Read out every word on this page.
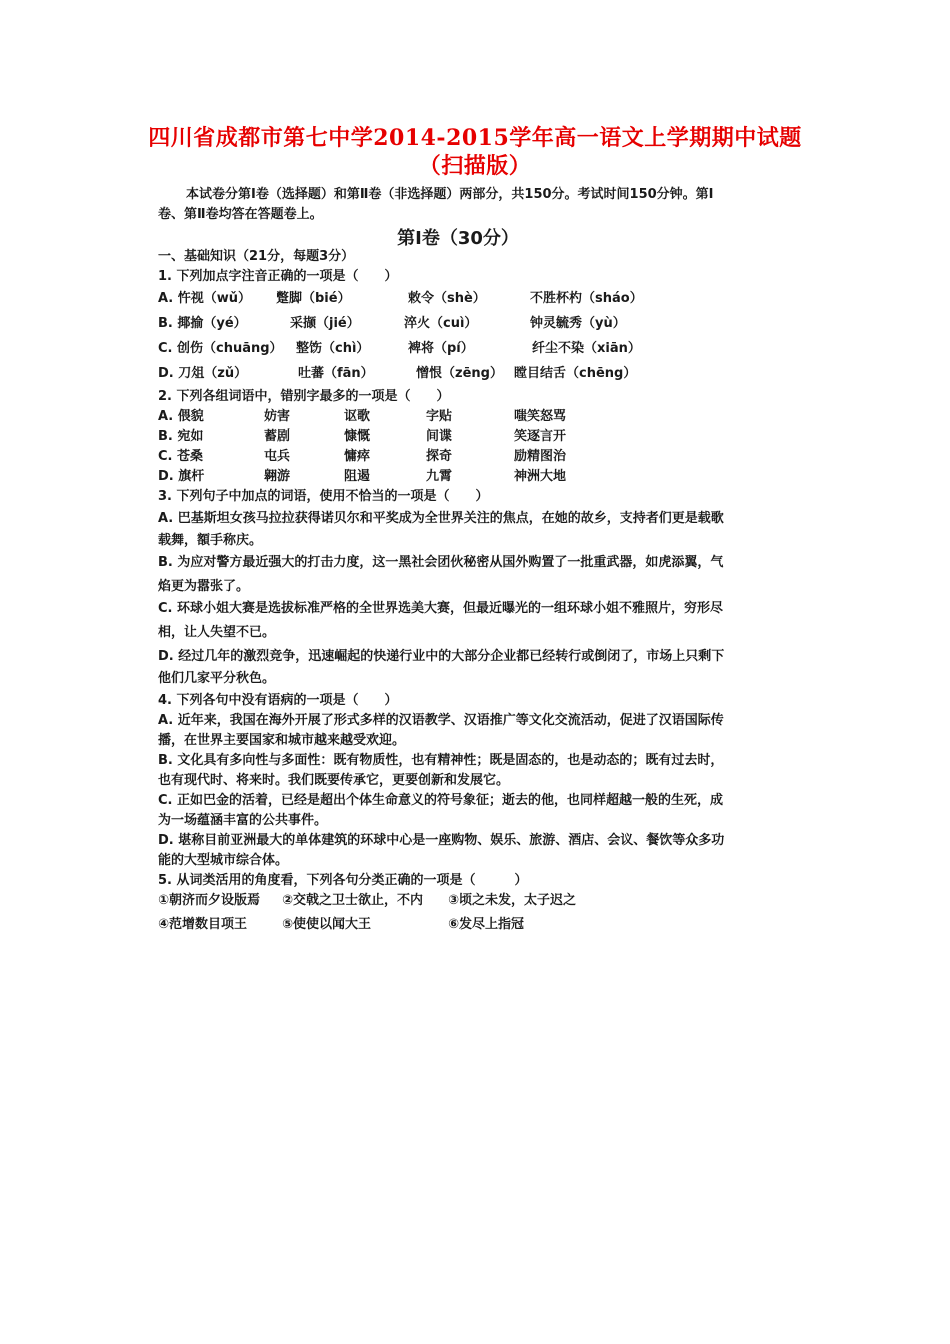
四川省成都市第七中学2014-2015学年高一语文上学期期中试题（扫描版）
本试卷分第Ⅰ卷（选择题）和第Ⅱ卷（非选择题）两部分，共150分。考试时间150分钟。第Ⅰ
卷、第Ⅱ卷均答在答题卷上。
第Ⅰ卷（30分）
一、基础知识（21分，每题3分）
1. 下列加点字注音正确的一项是（　　）
A. 忤视（wǔ） 蹩脚（bié）	敕令（shè）	不胜杯杓（sháo）
B. 揶揄（yé）	采撷（jié）	淬火（cuì）	钟灵毓秀（yù）
C. 创伤（chuāng） 整饬（chì）	裨将（pí）	纤尘不染（xiān）
D. 刀俎（zǔ）	吐蕃（fān）	憎恨（zēng） 瞠目结舌（chēng）
2. 下列各组词语中，错别字最多的一项是（　　）
A. 偎貌	妨害	讴歌	字贴	嗤笑怒骂
B. 宛如	蓄剧	慷慨	间谍	笑逐言开
C. 苍桑	屯兵	慵瘁	探奇	励精图治
D. 旗杆	翱游	阻遏	九霄	神洲大地
3. 下列句子中加点的词语，使用不恰当的一项是（　　）
A. 巴基斯坦女孩马拉拉获得诺贝尔和平奖成为全世界关注的焦点，在她的故乡，支持者们更是载歌
载舞，額手称庆。
B. 为应对警方最近强大的打击力度，这一黑社会团伙秘密从国外购置了一批重武器，如虎添翼，气
焰更为嚣张了。
C. 环球小姐大赛是选拔标准严格的全世界选美大赛，但最近曝光的一组环球小姐不雅照片，穷形尽
相，让人失望不已。
D. 经过几年的激烈竞争，迅速崛起的快递行业中的大部分企业都已经转行或倒闭了，市场上只剩下
他们几家平分秋色。
4. 下列各句中没有语病的一项是（　　）
A. 近年来，我国在海外开展了形式多样的汉语教学、汉语推广等文化交流活动，促进了汉语国际传
播，在世界主要国家和城市越来越受欢迎。
B. 文化具有多向性与多面性：既有物质性，也有精神性；既是固态的，也是动态的；既有过去时，
也有现代时、将来时。我们既要传承它，更要创新和发展它。
C. 正如巴金的活着，已经是超出个体生命意义的符号象征；逝去的他，也同样超越一般的生死，成
为一场蕴涵丰富的公共事件。
D. 堪称目前亚洲最大的单体建筑的环球中心是一座购物、娱乐、旅游、酒店、会议、餐饮等众多功
能的大型城市综合体。
5. 从词类活用的角度看，下列各句分类正确的一项是（　　　）
①朝济而夕设版焉 ②交戟之卫士欲止，不内 ③顷之未发，太子迟之
④范增数目项王	⑤使使以闻大王	⑥发尽上指冠
